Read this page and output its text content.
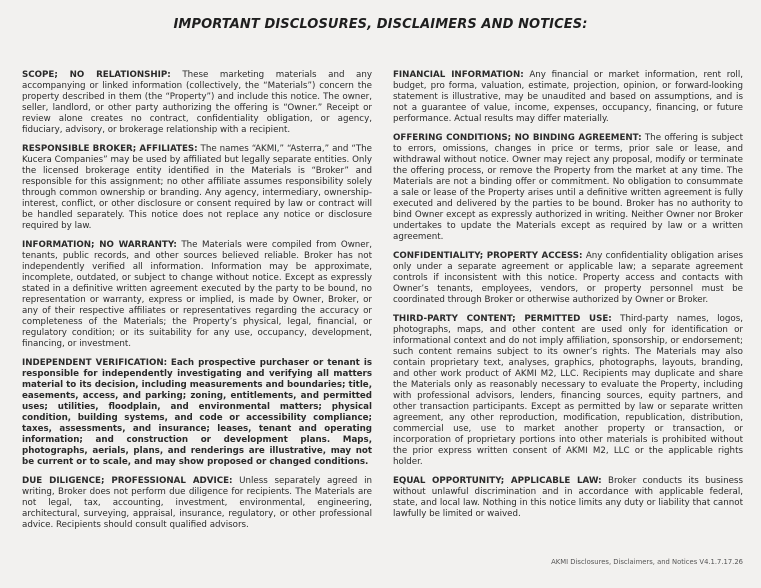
IMPORTANT DISCLOSURES, DISCLAIMERS AND NOTICES:

SCOPE; NO RELATIONSHIP: These marketing materials and any accompanying or linked information (collectively, the “Materials”) concern the property described in them (the “Property”) and include this notice. The owner, seller, landlord, or other party authorizing the offering is “Owner.” Receipt or review alone creates no contract, confidentiality obligation, or agency, fiduciary, advisory, or brokerage relationship with a recipient.

RESPONSIBLE BROKER; AFFILIATES: The names “AKMI,” “Asterra,” and “The Kucera Companies” may be used by affiliated but legally separate entities. Only the licensed brokerage entity identified in the Materials is “Broker” and responsible for this assignment; no other affiliate assumes responsibility solely through common ownership or branding. Any agency, intermediary, ownership-interest, conflict, or other disclosure or consent required by law or contract will be handled separately. This notice does not replace any notice or disclosure required by law.

INFORMATION; NO WARRANTY: The Materials were compiled from Owner, tenants, public records, and other sources believed reliable. Broker has not independently verified all information. Information may be approximate, incomplete, outdated, or subject to change without notice. Except as expressly stated in a definitive written agreement executed by the party to be bound, no representation or warranty, express or implied, is made by Owner, Broker, or any of their respective affiliates or representatives regarding the accuracy or completeness of the Materials; the Property’s physical, legal, financial, or regulatory condition; or its suitability for any use, occupancy, development, financing, or investment.

INDEPENDENT VERIFICATION: Each prospective purchaser or tenant is responsible for independently investigating and verifying all matters material to its decision, including measurements and boundaries; title, easements, access, and parking; zoning, entitlements, and permitted uses; utilities, floodplain, and environmental matters; physical condition, building systems, and code or accessibility compliance; taxes, assessments, and insurance; leases, tenant and operating information; and construction or development plans. Maps, photographs, aerials, plans, and renderings are illustrative, may not be current or to scale, and may show proposed or changed conditions.

DUE DILIGENCE; PROFESSIONAL ADVICE: Unless separately agreed in writing, Broker does not perform due diligence for recipients. The Materials are not legal, tax, accounting, investment, environmental, engineering, architectural, surveying, appraisal, insurance, regulatory, or other professional advice. Recipients should consult qualified advisors.

FINANCIAL INFORMATION: Any financial or market information, rent roll, budget, pro forma, valuation, estimate, projection, opinion, or forward-looking statement is illustrative, may be unaudited and based on assumptions, and is not a guarantee of value, income, expenses, occupancy, financing, or future performance. Actual results may differ materially.

OFFERING CONDITIONS; NO BINDING AGREEMENT: The offering is subject to errors, omissions, changes in price or terms, prior sale or lease, and withdrawal without notice. Owner may reject any proposal, modify or terminate the offering process, or remove the Property from the market at any time. The Materials are not a binding offer or commitment. No obligation to consummate a sale or lease of the Property arises until a definitive written agreement is fully executed and delivered by the parties to be bound. Broker has no authority to bind Owner except as expressly authorized in writing. Neither Owner nor Broker undertakes to update the Materials except as required by law or a written agreement.

CONFIDENTIALITY; PROPERTY ACCESS: Any confidentiality obligation arises only under a separate agreement or applicable law; a separate agreement controls if inconsistent with this notice. Property access and contacts with Owner’s tenants, employees, vendors, or property personnel must be coordinated through Broker or otherwise authorized by Owner or Broker.

THIRD-PARTY CONTENT; PERMITTED USE: Third-party names, logos, photographs, maps, and other content are used only for identification or informational context and do not imply affiliation, sponsorship, or endorsement; such content remains subject to its owner’s rights. The Materials may also contain proprietary text, analyses, graphics, photographs, layouts, branding, and other work product of AKMI M2, LLC. Recipients may duplicate and share the Materials only as reasonably necessary to evaluate the Property, including with professional advisors, lenders, financing sources, equity partners, and other transaction participants. Except as permitted by law or separate written agreement, any other reproduction, modification, republication, distribution, commercial use, use to market another property or transaction, or incorporation of proprietary portions into other materials is prohibited without the prior express written consent of AKMI M2, LLC or the applicable rights holder.

EQUAL OPPORTUNITY; APPLICABLE LAW: Broker conducts its business without unlawful discrimination and in accordance with applicable federal, state, and local law. Nothing in this notice limits any duty or liability that cannot lawfully be limited or waived.

AKMI Disclosures, Disclaimers, and Notices V4.1.7.17.26
